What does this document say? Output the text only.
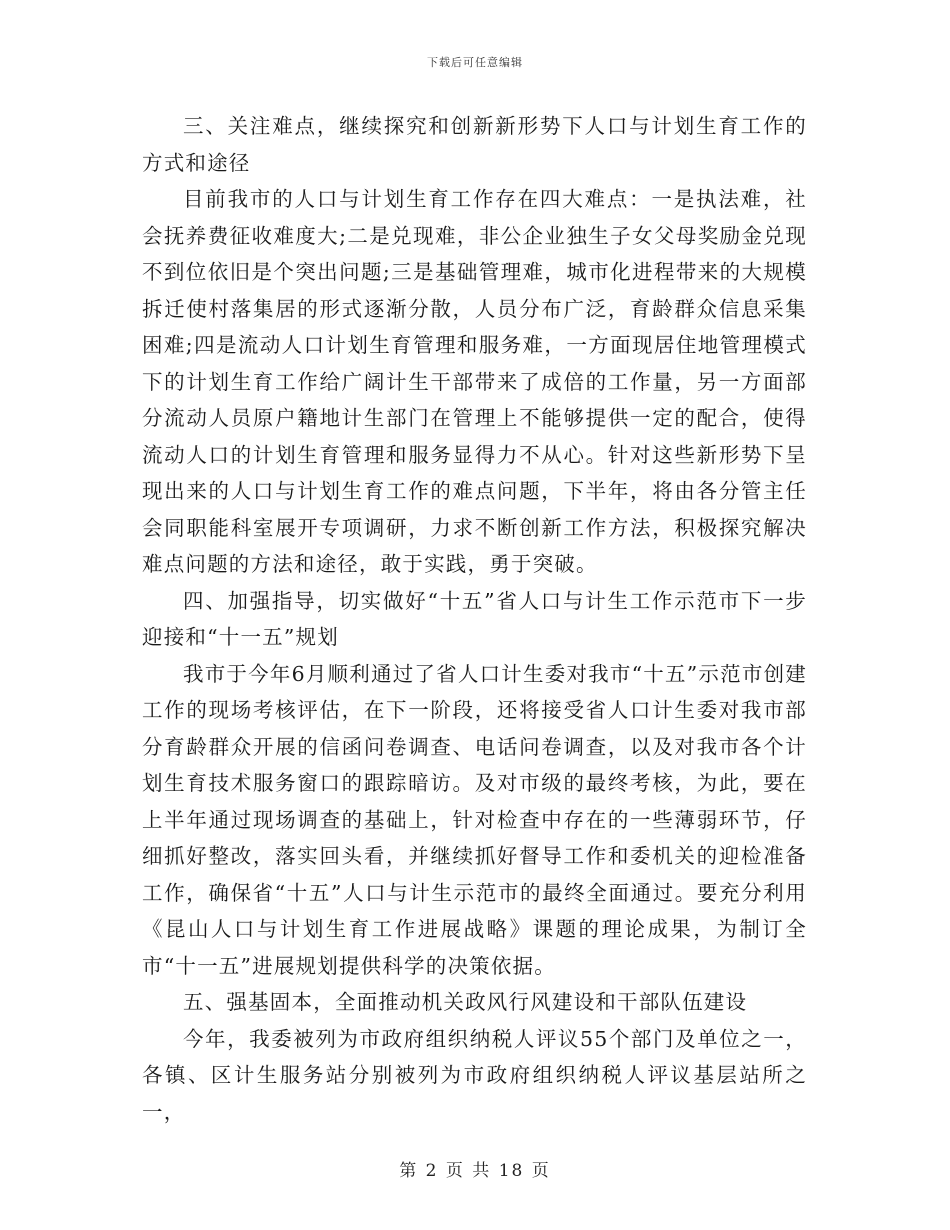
下载后可任意编辑

三、关注难点，继续探究和创新新形势下人口与计划生育工作的方式和途径

目前我市的人口与计划生育工作存在四大难点：一是执法难，社会抚养费征收难度大;二是兑现难，非公企业独生子女父母奖励金兑现不到位依旧是个突出问题;三是基础管理难，城市化进程带来的大规模拆迁使村落集居的形式逐渐分散，人员分布广泛，育龄群众信息采集困难;四是流动人口计划生育管理和服务难，一方面现居住地管理模式下的计划生育工作给广阔计生干部带来了成倍的工作量，另一方面部分流动人员原户籍地计生部门在管理上不能够提供一定的配合，使得流动人口的计划生育管理和服务显得力不从心。针对这些新形势下呈现出来的人口与计划生育工作的难点问题，下半年，将由各分管主任会同职能科室展开专项调研，力求不断创新工作方法，积极探究解决难点问题的方法和途径，敢于实践，勇于突破。

四、加强指导，切实做好“十五”省人口与计生工作示范市下一步迎接和“十一五”规划

我市于今年6月顺利通过了省人口计生委对我市“十五”示范市创建工作的现场考核评估，在下一阶段，还将接受省人口计生委对我市部分育龄群众开展的信函问卷调查、电话问卷调查，以及对我市各个计划生育技术服务窗口的跟踪暗访。及对市级的最终考核，为此，要在上半年通过现场调查的基础上，针对检查中存在的一些薄弱环节，仔细抓好整改，落实回头看，并继续抓好督导工作和委机关的迎检准备工作，确保省“十五”人口与计生示范市的最终全面通过。要充分利用《昆山人口与计划生育工作进展战略》课题的理论成果，为制订全市“十一五”进展规划提供科学的决策依据。

五、强基固本，全面推动机关政风行风建设和干部队伍建设

今年，我委被列为市政府组织纳税人评议55个部门及单位之一，各镇、区计生服务站分别被列为市政府组织纳税人评议基层站所之一，

第 2 页 共 18 页
